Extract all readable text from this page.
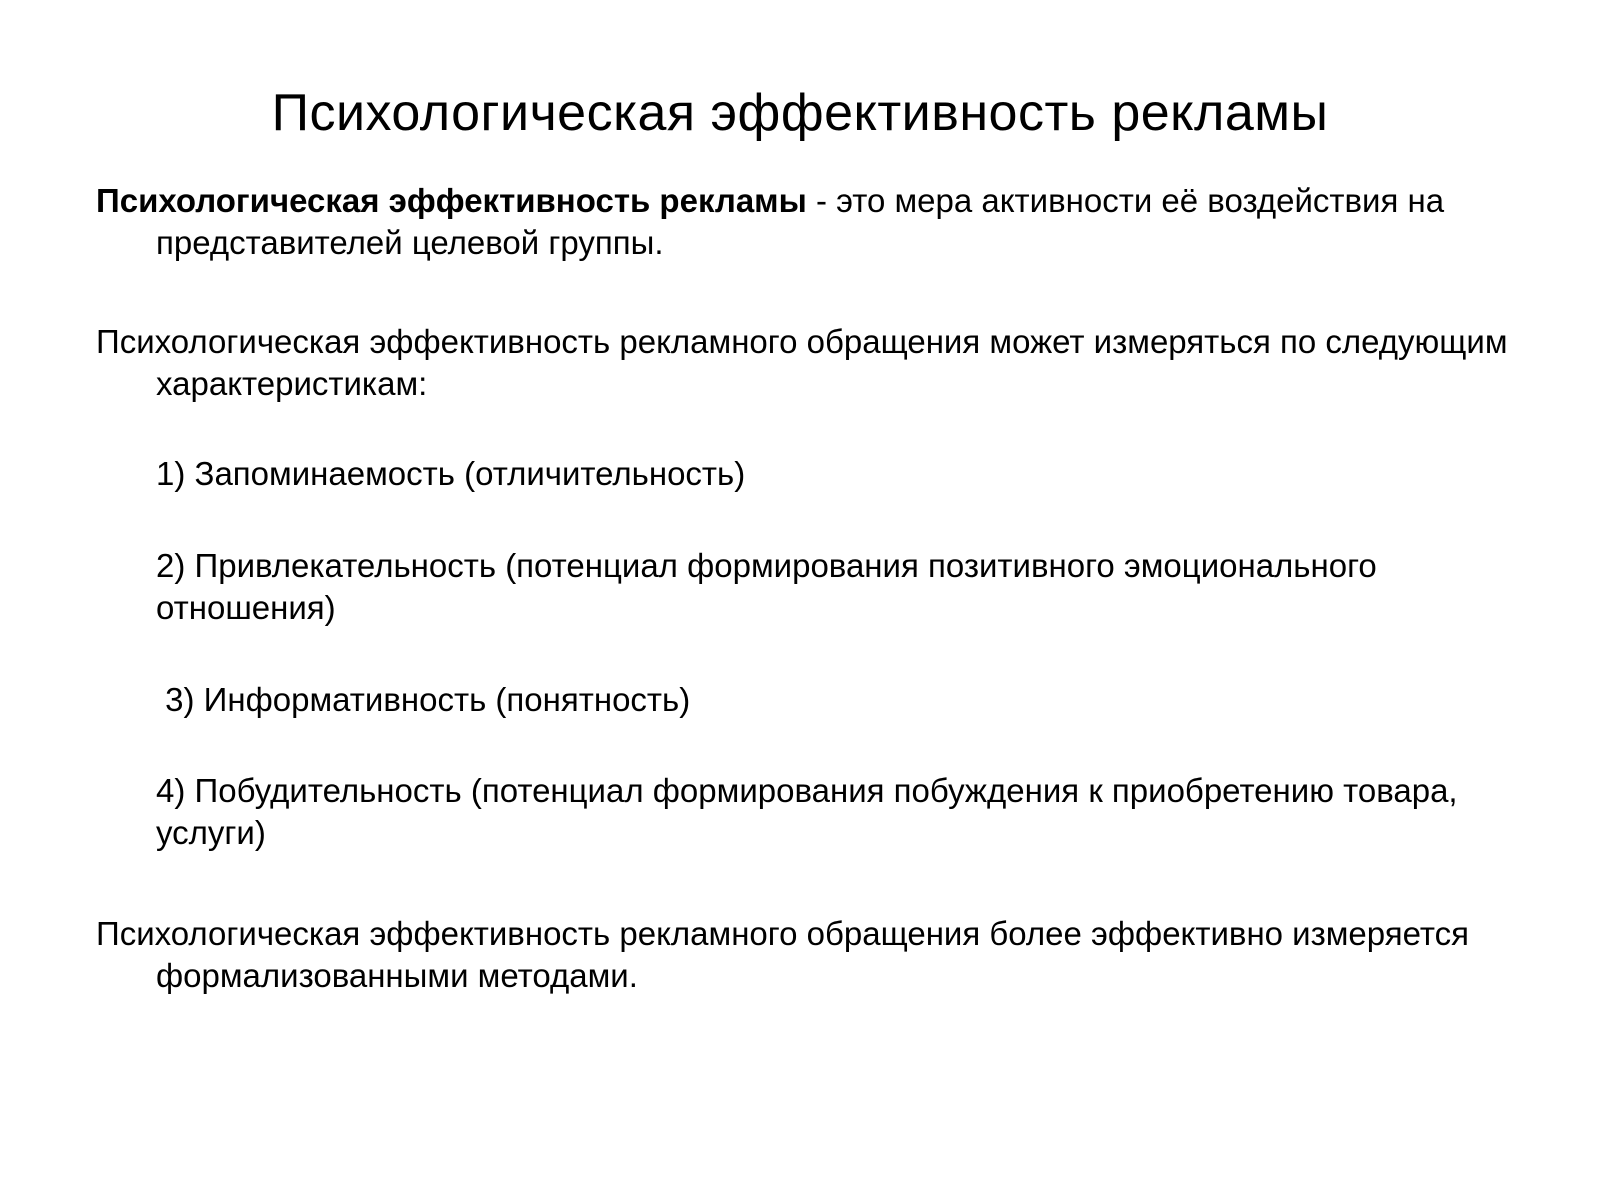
Психологическая эффективность рекламы

Психологическая эффективность рекламы - это мера активности её воздействия на представителей целевой группы.

Психологическая эффективность рекламного обращения может измеряться по следующим характеристикам:

1) Запоминаемость (отличительность)

2) Привлекательность (потенциал формирования позитивного эмоционального отношения)

3) Информативность (понятность)

4) Побудительность (потенциал формирования побуждения к приобретению товара, услуги)

Психологическая эффективность рекламного обращения более эффективно измеряется формализованными методами.
